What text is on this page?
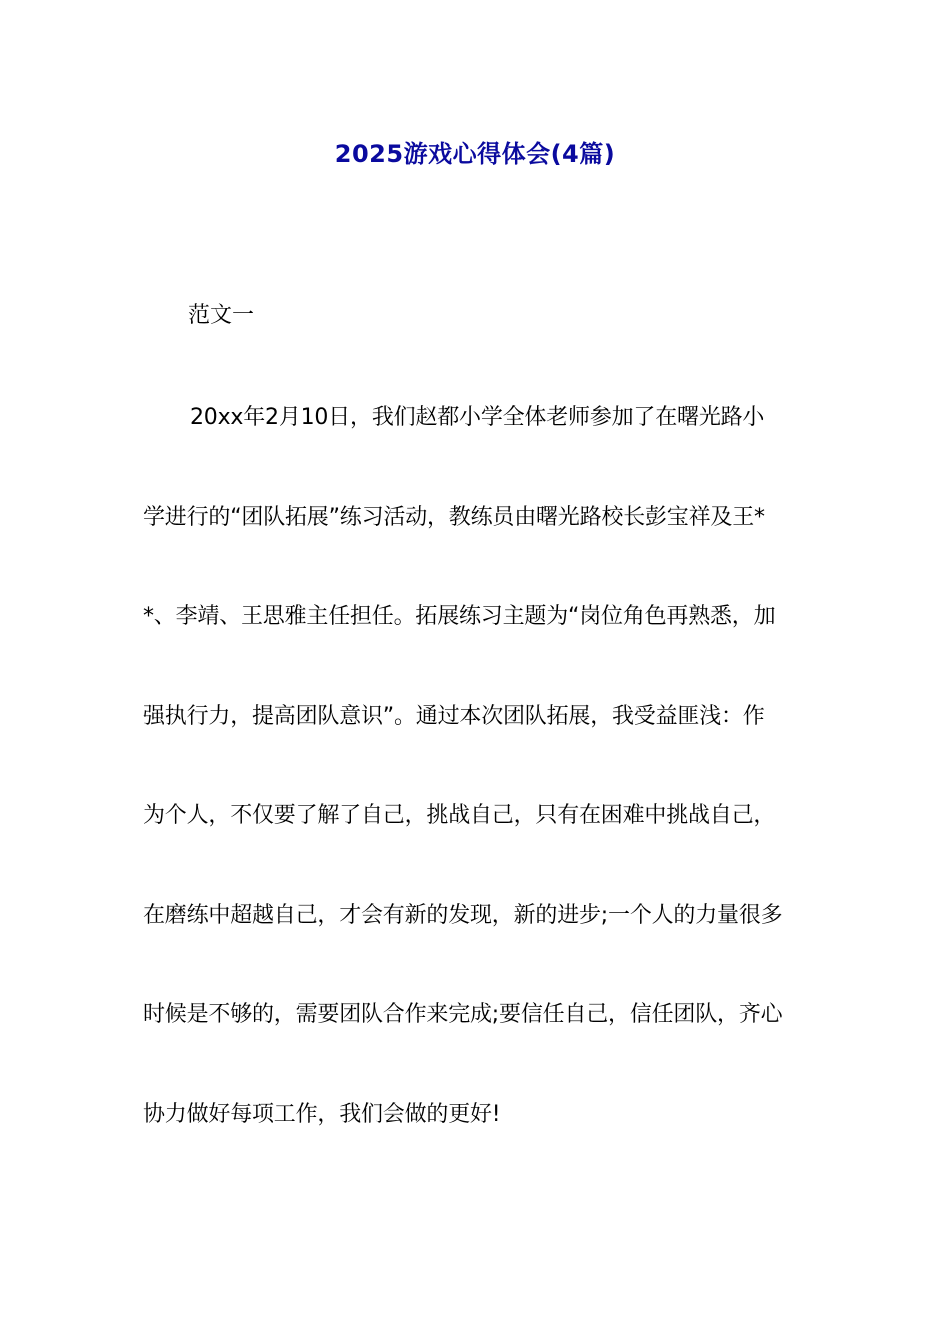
2025游戏心得体会(4篇)

范文一

20xx年2月10日，我们赵都小学全体老师参加了在曙光路小

学进行的“团队拓展”练习活动，教练员由曙光路校长彭宝祥及王*

*、李靖、王思雅主任担任。拓展练习主题为“岗位角色再熟悉，加

强执行力，提高团队意识”。通过本次团队拓展，我受益匪浅：作

为个人，不仅要了解了自己，挑战自己，只有在困难中挑战自己，

在磨练中超越自己，才会有新的发现，新的进步;一个人的力量很多

时候是不够的，需要团队合作来完成;要信任自己，信任团队，齐心

协力做好每项工作，我们会做的更好!
